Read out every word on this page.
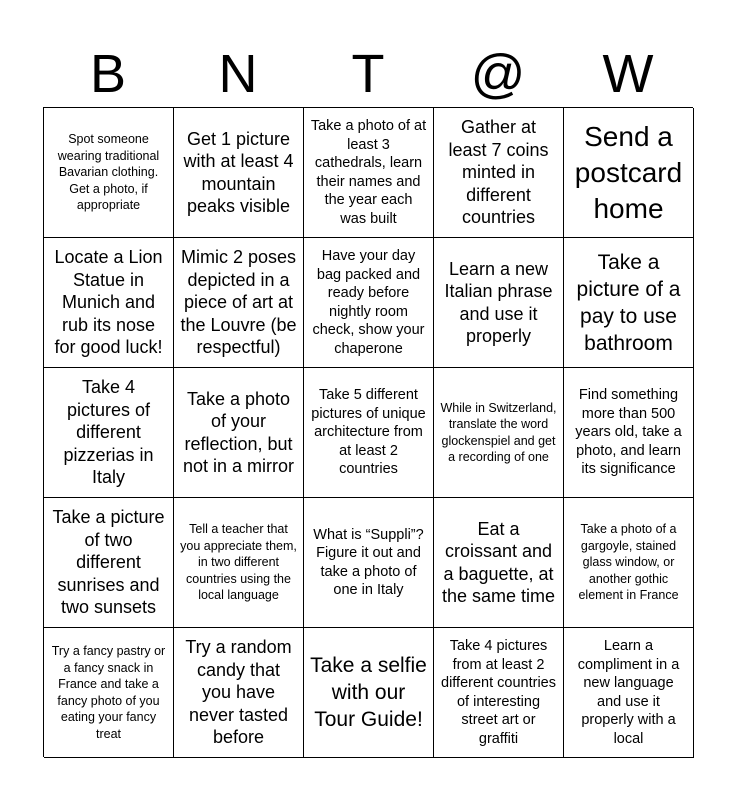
B	N	T	@	W
Spot someone wearing traditional Bavarian clothing. Get a photo, if appropriate
Get 1 picture with at least 4 mountain peaks visible
Take a photo of at least 3 cathedrals, learn their names and the year each was built
Gather at least 7 coins minted in different countries
Send a postcard home
Locate a Lion Statue in Munich and rub its nose for good luck!
Mimic 2 poses depicted in a piece of art at the Louvre (be respectful)
Have your day bag packed and ready before nightly room check, show your chaperone
Learn a new Italian phrase and use it properly
Take a picture of a pay to use bathroom
Take 4 pictures of different pizzerias in Italy
Take a photo of your reflection, but not in a mirror
Take 5 different pictures of unique architecture from at least 2 countries
While in Switzerland, translate the word glockenspiel and get a recording of one
Find something more than 500 years old, take a photo, and learn its significance
Take a picture of two different sunrises and two sunsets
Tell a teacher that you appreciate them, in two different countries using the local language
What is “Suppli”? Figure it out and take a photo of one in Italy
Eat a croissant and a baguette, at the same time
Take a photo of a gargoyle, stained glass window, or another gothic element in France
Try a fancy pastry or a fancy snack in France and take a fancy photo of you eating your fancy treat
Try a random candy that you have never tasted before
Take a selfie with our Tour Guide!
Take 4 pictures from at least 2 different countries of interesting street art or graffiti
Learn a compliment in a new language and use it properly with a local
